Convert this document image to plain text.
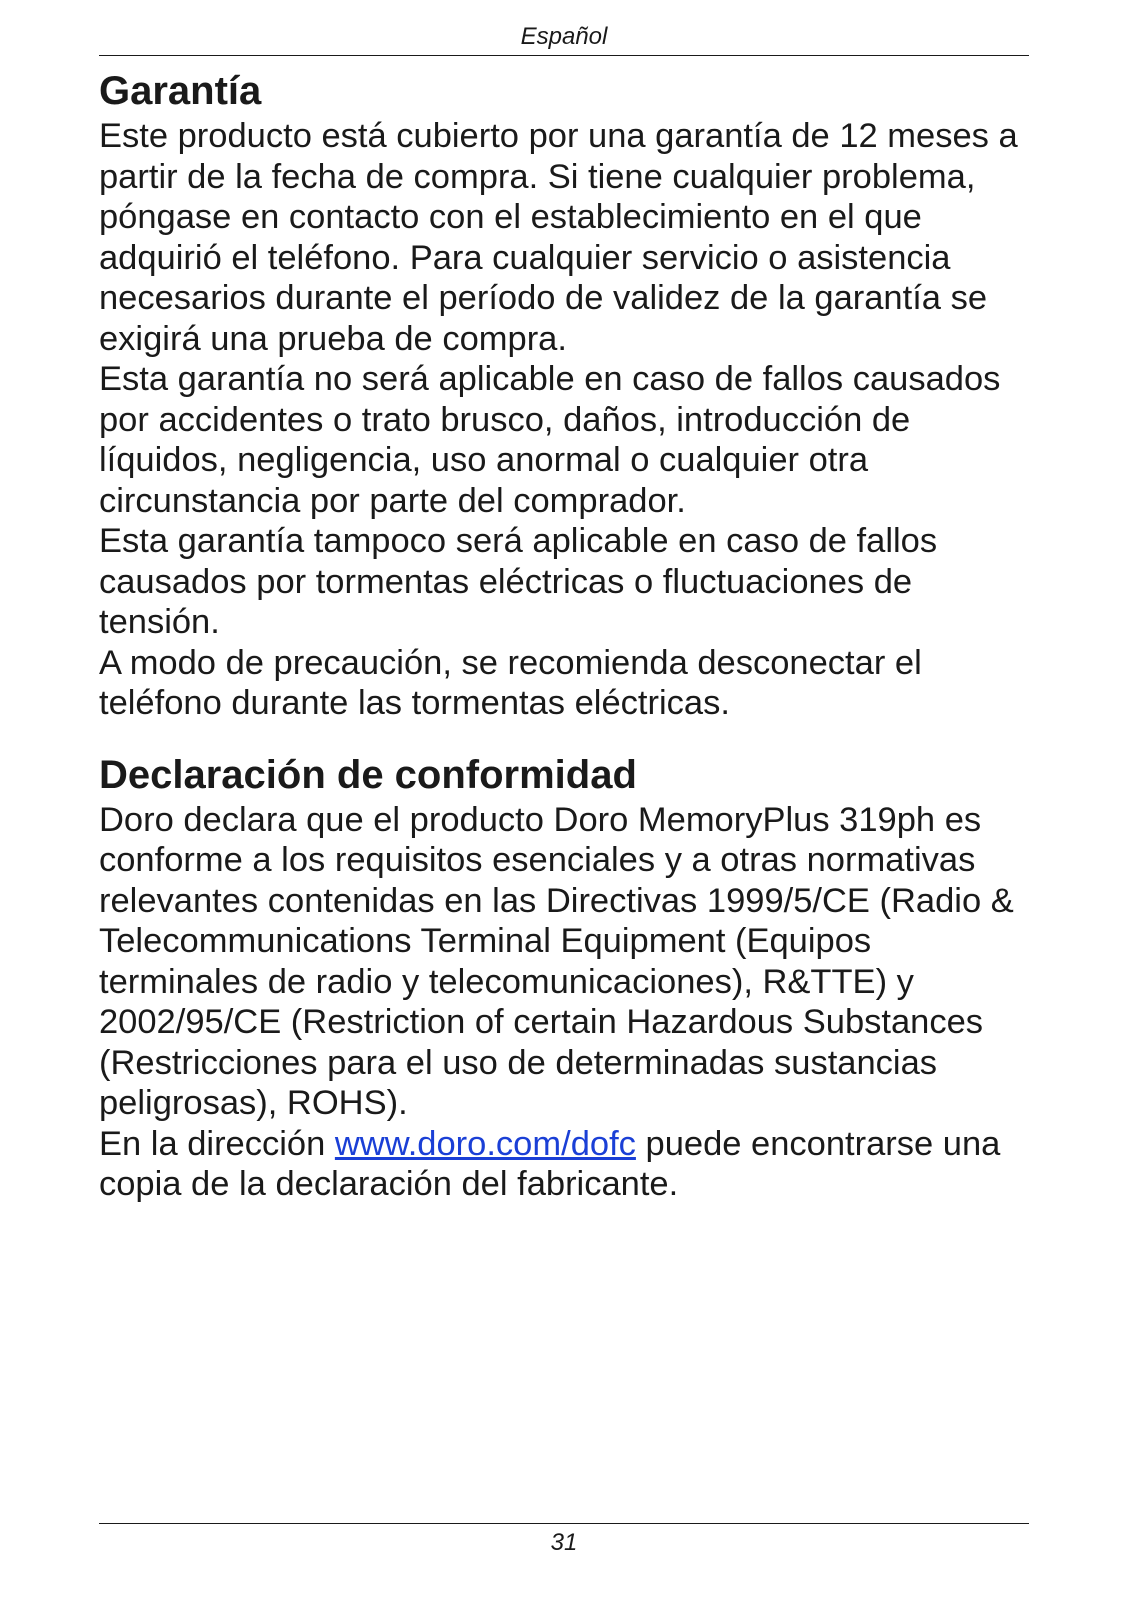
Español
Garantía

Este producto está cubierto por una garantía de 12 meses a partir de la fecha de compra. Si tiene cualquier problema, póngase en contacto con el establecimiento en el que adquirió el teléfono. Para cualquier servicio o asistencia necesarios durante el período de validez de la garantía se exigirá una prueba de compra.

Esta garantía no será aplicable en caso de fallos causados por accidentes o trato brusco, daños, introducción de líquidos, negligencia, uso anormal o cualquier otra circunstancia por parte del comprador.

Esta garantía tampoco será aplicable en caso de fallos causados por tormentas eléctricas o fluctuaciones de tensión.

A modo de precaución, se recomienda desconectar el teléfono durante las tormentas eléctricas.

Declaración de conformidad

Doro declara que el producto Doro MemoryPlus 319ph es conforme a los requisitos esenciales y a otras normativas relevantes contenidas en las Directivas 1999/5/CE (Radio & Telecommunications Terminal Equipment (Equipos terminales de radio y telecomunicaciones), R&TTE) y 2002/95/CE (Restriction of certain Hazardous Substances (Restricciones para el uso de determinadas sustancias peligrosas), ROHS).

En la dirección www.doro.com/dofc puede encontrarse una copia de la declaración del fabricante.

31
